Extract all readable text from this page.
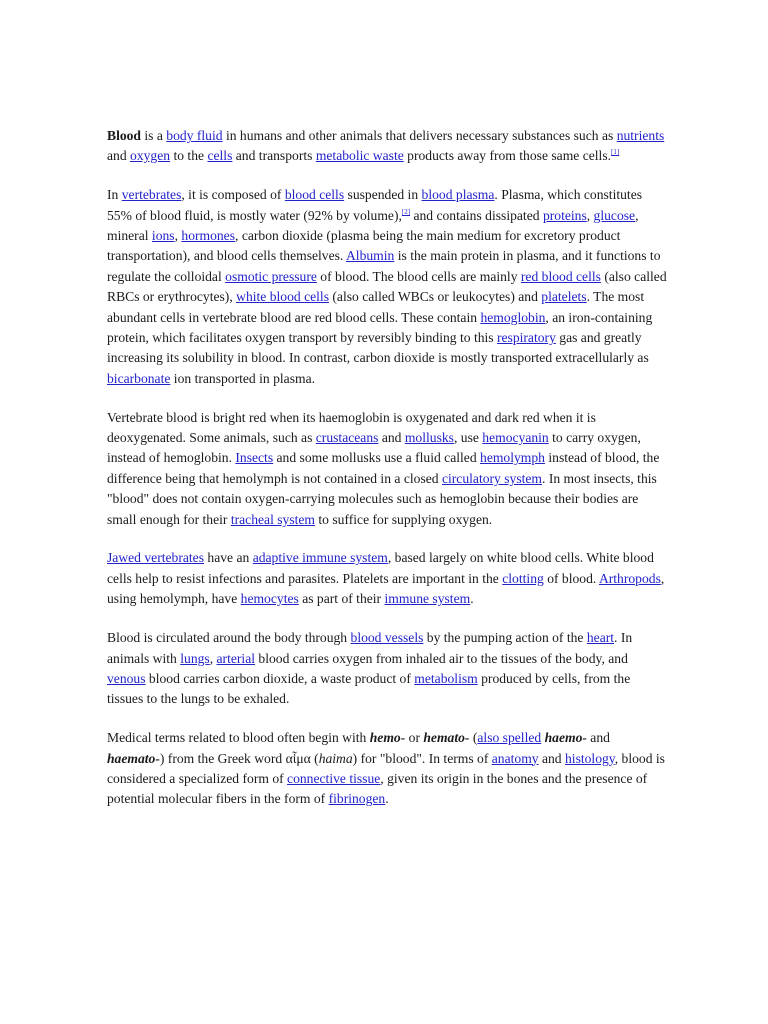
Blood is a body fluid in humans and other animals that delivers necessary substances such as nutrients and oxygen to the cells and transports metabolic waste products away from those same cells.[1]

In vertebrates, it is composed of blood cells suspended in blood plasma. Plasma, which constitutes 55% of blood fluid, is mostly water (92% by volume),[2] and contains dissipated proteins, glucose, mineral ions, hormones, carbon dioxide (plasma being the main medium for excretory product transportation), and blood cells themselves. Albumin is the main protein in plasma, and it functions to regulate the colloidal osmotic pressure of blood. The blood cells are mainly red blood cells (also called RBCs or erythrocytes), white blood cells (also called WBCs or leukocytes) and platelets. The most abundant cells in vertebrate blood are red blood cells. These contain hemoglobin, an iron-containing protein, which facilitates oxygen transport by reversibly binding to this respiratory gas and greatly increasing its solubility in blood. In contrast, carbon dioxide is mostly transported extracellularly as bicarbonate ion transported in plasma.

Vertebrate blood is bright red when its haemoglobin is oxygenated and dark red when it is deoxygenated. Some animals, such as crustaceans and mollusks, use hemocyanin to carry oxygen, instead of hemoglobin. Insects and some mollusks use a fluid called hemolymph instead of blood, the difference being that hemolymph is not contained in a closed circulatory system. In most insects, this "blood" does not contain oxygen-carrying molecules such as hemoglobin because their bodies are small enough for their tracheal system to suffice for supplying oxygen.

Jawed vertebrates have an adaptive immune system, based largely on white blood cells. White blood cells help to resist infections and parasites. Platelets are important in the clotting of blood. Arthropods, using hemolymph, have hemocytes as part of their immune system.

Blood is circulated around the body through blood vessels by the pumping action of the heart. In animals with lungs, arterial blood carries oxygen from inhaled air to the tissues of the body, and venous blood carries carbon dioxide, a waste product of metabolism produced by cells, from the tissues to the lungs to be exhaled.

Medical terms related to blood often begin with hemo- or hemato- (also spelled haemo- and haemato-) from the Greek word αἷμα (haima) for "blood". In terms of anatomy and histology, blood is considered a specialized form of connective tissue, given its origin in the bones and the presence of potential molecular fibers in the form of fibrinogen.
